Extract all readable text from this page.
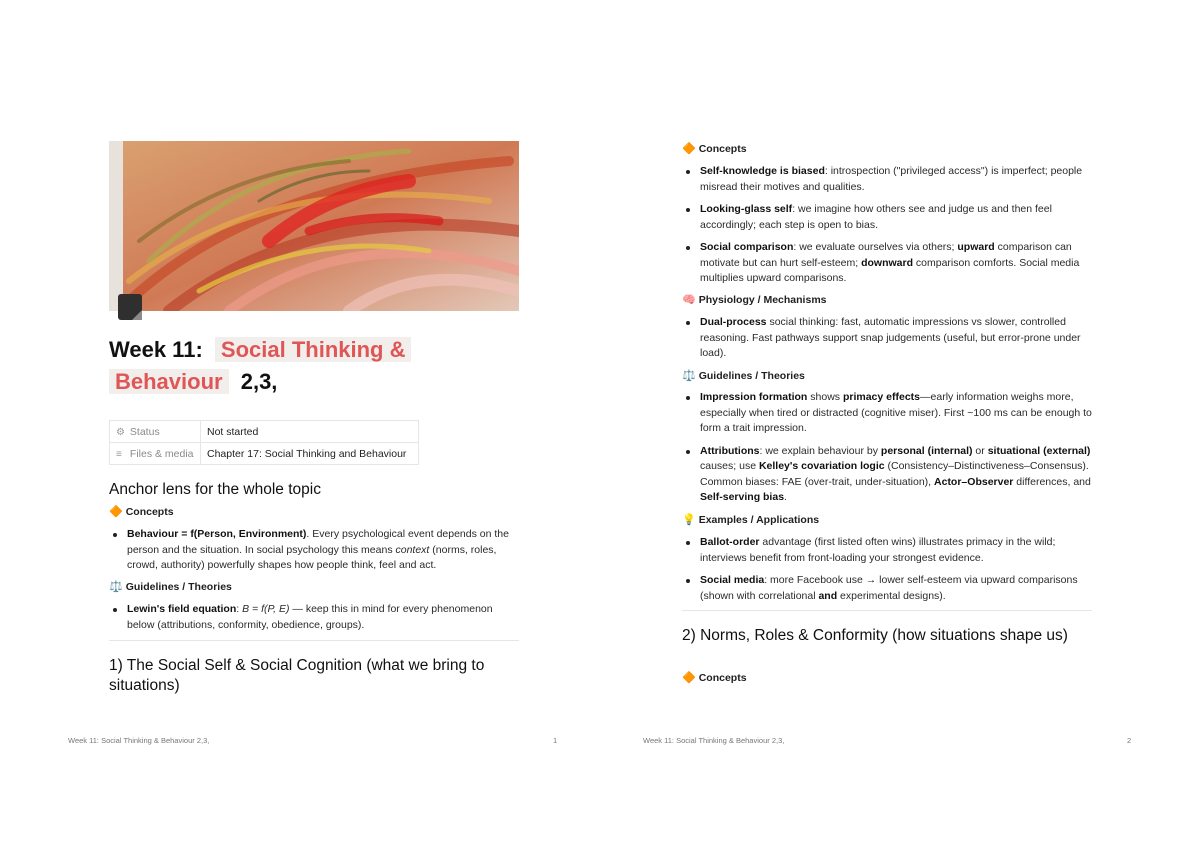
Week 11: Social Thinking &
Behaviour 2,3,
⚙ Status	Not started
≡ Files & media	Chapter 17: Social Thinking and Behaviour
Anchor lens for the whole topic
🔶 Concepts
Behaviour = f(Person, Environment). Every psychological event depends on the person and the situation. In social psychology this means context (norms, roles, crowd, authority) powerfully shapes how people think, feel and act.
⚖️ Guidelines / Theories
Lewin's field equation: B = f(P, E) — keep this in mind for every phenomenon below (attributions, conformity, obedience, groups).
1) The Social Self & Social Cognition (what we bring to situations)
Week 11: Social Thinking & Behaviour 2,3,	1
🔶 Concepts
Self-knowledge is biased: introspection ("privileged access") is imperfect; people misread their motives and qualities.
Looking-glass self: we imagine how others see and judge us and then feel accordingly; each step is open to bias.
Social comparison: we evaluate ourselves via others; upward comparison can motivate but can hurt self-esteem; downward comparison comforts. Social media multiplies upward comparisons.
🧠 Physiology / Mechanisms
Dual-process social thinking: fast, automatic impressions vs slower, controlled reasoning. Fast pathways support snap judgements (useful, but error-prone under load).
⚖️ Guidelines / Theories
Impression formation shows primacy effects—early information weighs more, especially when tired or distracted (cognitive miser). First ~100 ms can be enough to form a trait impression.
Attributions: we explain behaviour by personal (internal) or situational (external) causes; use Kelley's covariation logic (Consistency–Distinctiveness–Consensus). Common biases: FAE (over-trait, under-situation), Actor–Observer differences, and Self-serving bias.
💡 Examples / Applications
Ballot-order advantage (first listed often wins) illustrates primacy in the wild; interviews benefit from front-loading your strongest evidence.
Social media: more Facebook use → lower self-esteem via upward comparisons (shown with correlational and experimental designs).
2) Norms, Roles & Conformity (how situations shape us)
🔶 Concepts
Week 11: Social Thinking & Behaviour 2,3,	2
